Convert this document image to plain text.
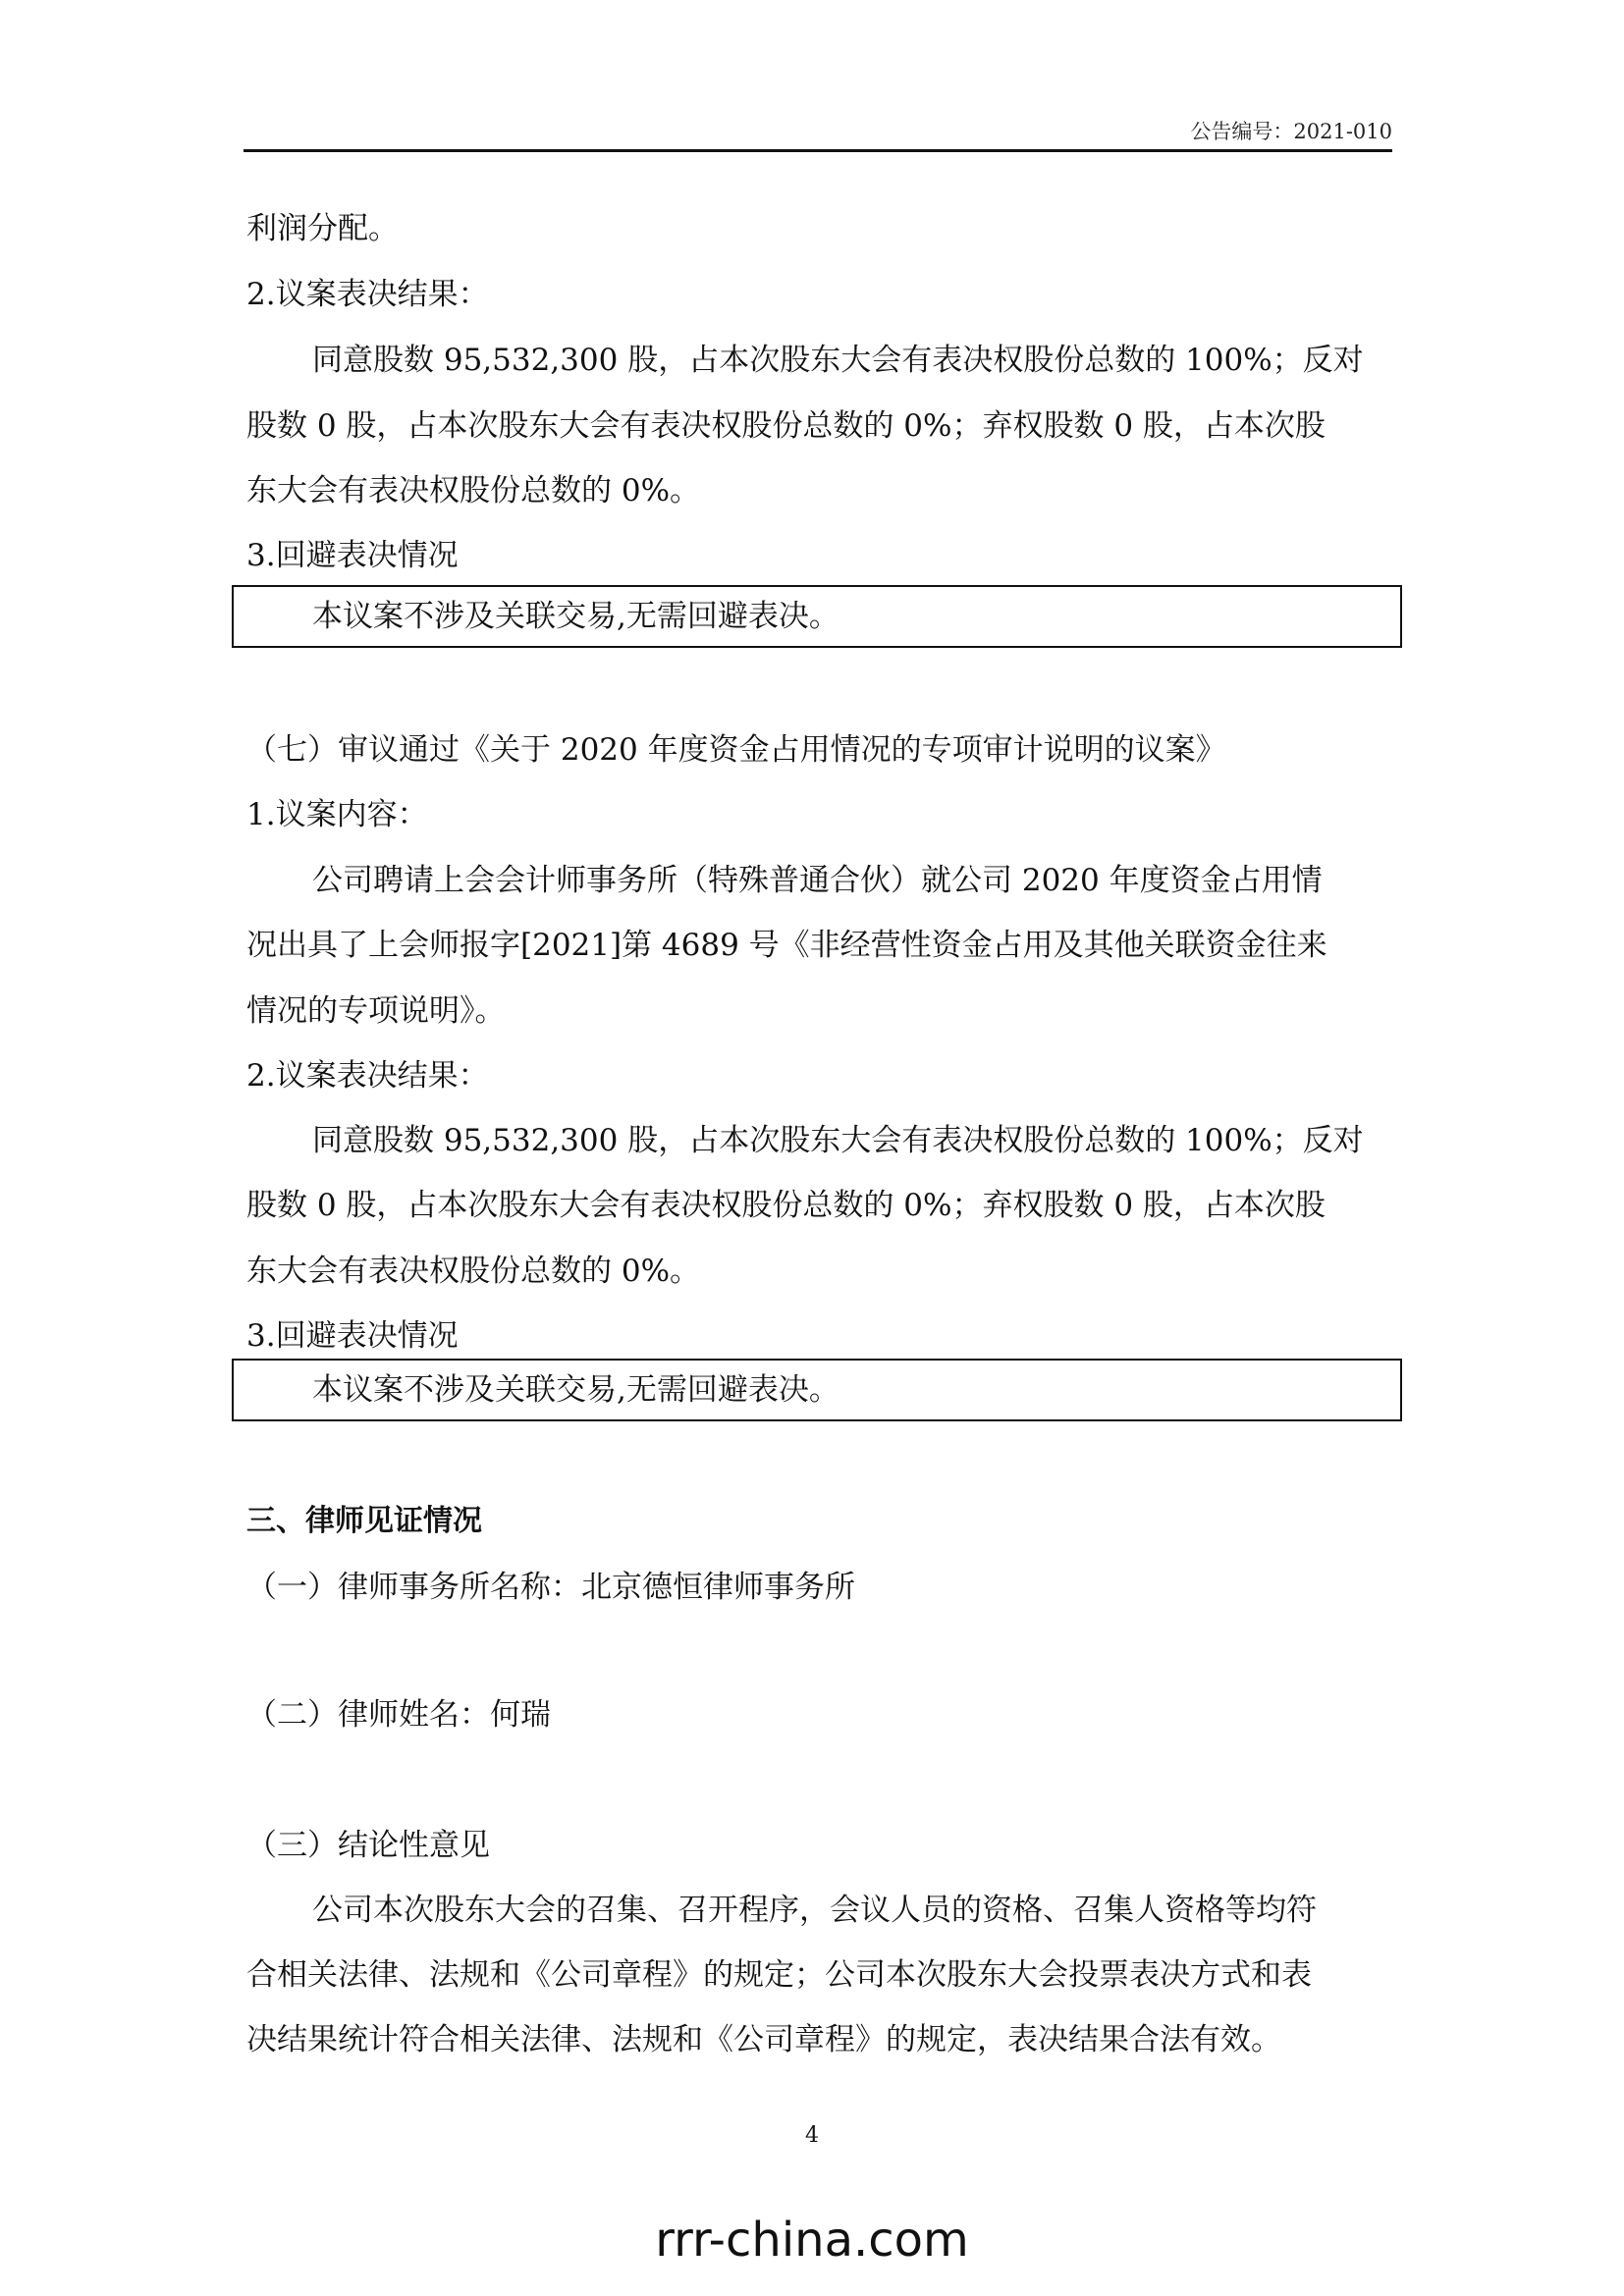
公告编号：2021-010
利润分配。
2.议案表决结果：
同意股数 95,532,300 股，占本次股东大会有表决权股份总数的 100%；反对
股数 0 股，占本次股东大会有表决权股份总数的 0%；弃权股数 0 股，占本次股
东大会有表决权股份总数的 0%。
3.回避表决情况
本议案不涉及关联交易,无需回避表决。
（七）审议通过《关于 2020 年度资金占用情况的专项审计说明的议案》
1.议案内容：
公司聘请上会会计师事务所（特殊普通合伙）就公司 2020 年度资金占用情
况出具了上会师报字[2021]第 4689 号《非经营性资金占用及其他关联资金往来
情况的专项说明》。
2.议案表决结果：
同意股数 95,532,300 股，占本次股东大会有表决权股份总数的 100%；反对
股数 0 股，占本次股东大会有表决权股份总数的 0%；弃权股数 0 股，占本次股
东大会有表决权股份总数的 0%。
3.回避表决情况
本议案不涉及关联交易,无需回避表决。
三、律师见证情况
（一）律师事务所名称：北京德恒律师事务所
（二）律师姓名：何瑞
（三）结论性意见
公司本次股东大会的召集、召开程序，会议人员的资格、召集人资格等均符
合相关法律、法规和《公司章程》的规定；公司本次股东大会投票表决方式和表
决结果统计符合相关法律、法规和《公司章程》的规定，表决结果合法有效。
4
rrr-china.com
